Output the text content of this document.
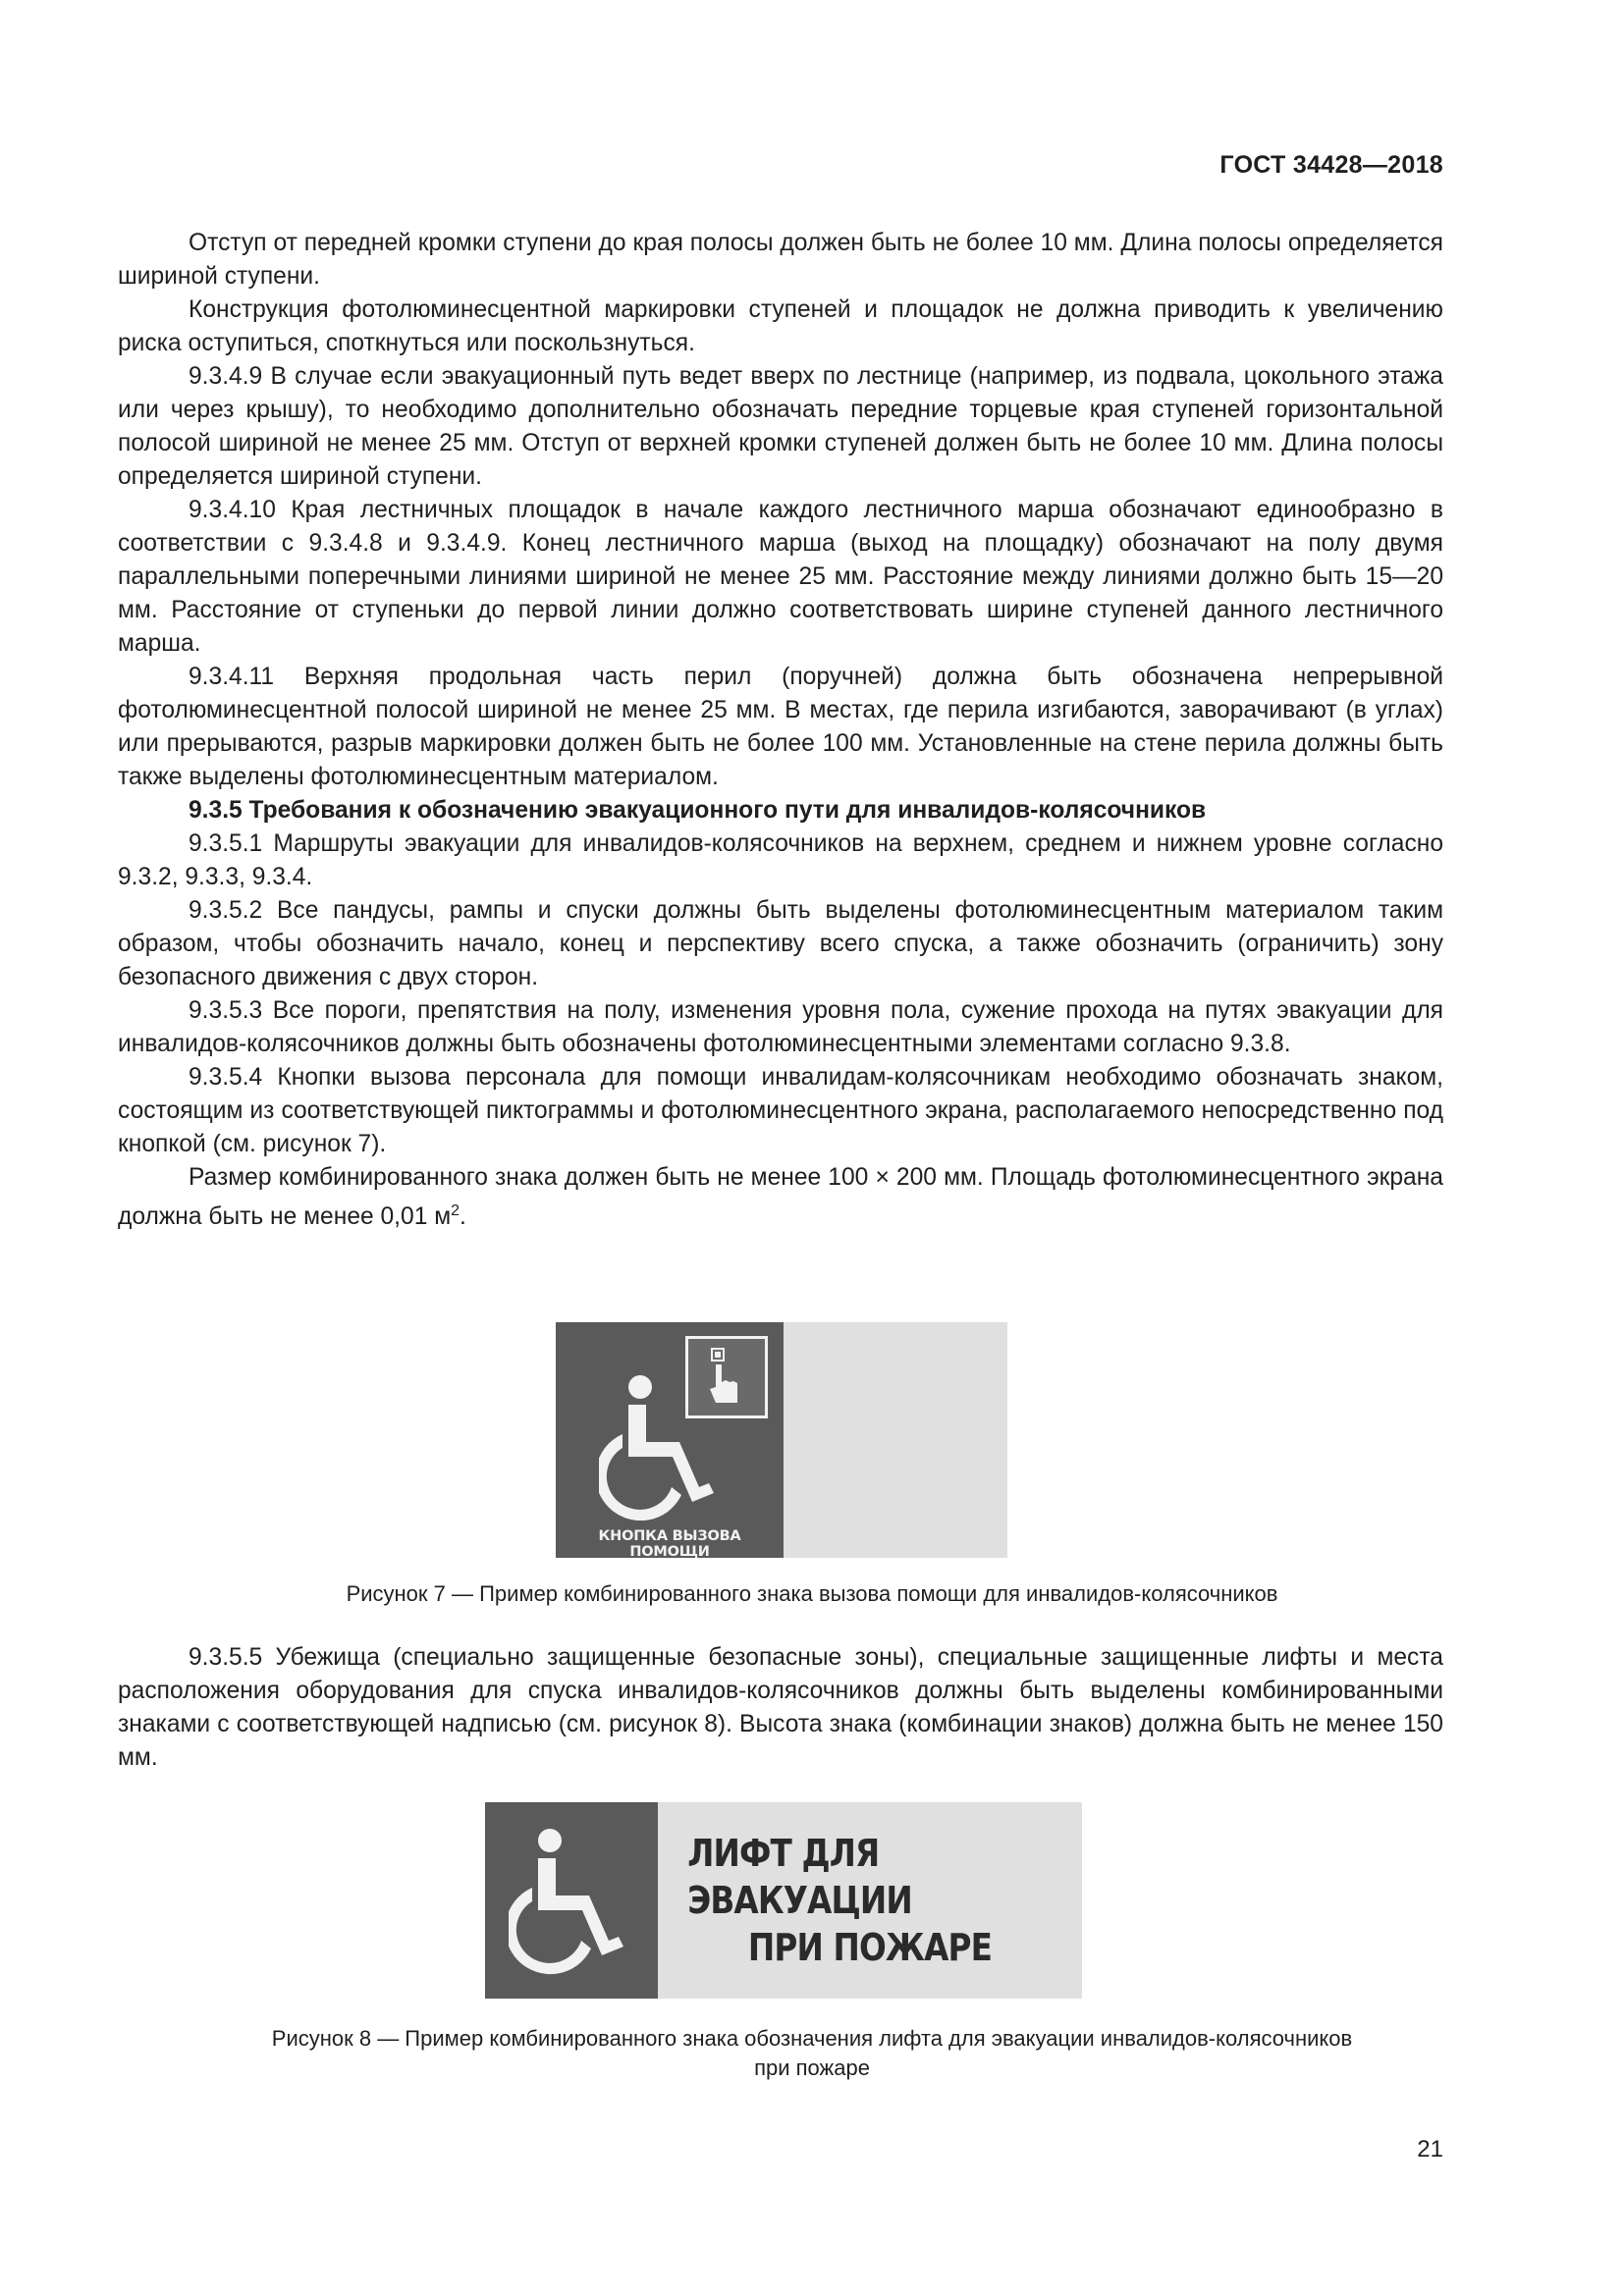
ГОСТ 34428—2018

Отступ от передней кромки ступени до края полосы должен быть не более 10 мм. Длина полосы определяется шириной ступени.

Конструкция фотолюминесцентной маркировки ступеней и площадок не должна приводить к увеличению риска оступиться, споткнуться или поскользнуться.

9.3.4.9 В случае если эвакуационный путь ведет вверх по лестнице (например, из подвала, цокольного этажа или через крышу), то необходимо дополнительно обозначать передние торцевые края ступеней горизонтальной полосой шириной не менее 25 мм. Отступ от верхней кромки ступеней должен быть не более 10 мм. Длина полосы определяется шириной ступени.

9.3.4.10 Края лестничных площадок в начале каждого лестничного марша обозначают единообразно в соответствии с 9.3.4.8 и 9.3.4.9. Конец лестничного марша (выход на площадку) обозначают на полу двумя параллельными поперечными линиями шириной не менее 25 мм. Расстояние между линиями должно быть 15—20 мм. Расстояние от ступеньки до первой линии должно соответствовать ширине ступеней данного лестничного марша.

9.3.4.11 Верхняя продольная часть перил (поручней) должна быть обозначена непрерывной фотолюминесцентной полосой шириной не менее 25 мм. В местах, где перила изгибаются, заворачивают (в углах) или прерываются, разрыв маркировки должен быть не более 100 мм. Установленные на стене перила должны быть также выделены фотолюминесцентным материалом.

9.3.5 Требования к обозначению эвакуационного пути для инвалидов-колясочников

9.3.5.1 Маршруты эвакуации для инвалидов-колясочников на верхнем, среднем и нижнем уровне согласно 9.3.2, 9.3.3, 9.3.4.

9.3.5.2 Все пандусы, рампы и спуски должны быть выделены фотолюминесцентным материалом таким образом, чтобы обозначить начало, конец и перспективу всего спуска, а также обозначить (ограничить) зону безопасного движения с двух сторон.

9.3.5.3 Все пороги, препятствия на полу, изменения уровня пола, сужение прохода на путях эвакуации для инвалидов-колясочников должны быть обозначены фотолюминесцентными элементами согласно 9.3.8.

9.3.5.4 Кнопки вызова персонала для помощи инвалидам-колясочникам необходимо обозначать знаком, состоящим из соответствующей пиктограммы и фотолюминесцентного экрана, располагаемого непосредственно под кнопкой (см. рисунок 7).

Размер комбинированного знака должен быть не менее 100 × 200 мм. Площадь фотолюминесцентного экрана должна быть не менее 0,01 $м^2$.

КНОПКА ВЫЗОВА ПОМОЩИ
Рисунок 7 — Пример комбинированного знака вызова помощи для инвалидов-колясочников

9.3.5.5 Убежища (специально защищенные безопасные зоны), специальные защищенные лифты и места расположения оборудования для спуска инвалидов-колясочников должны быть выделены комбинированными знаками с соответствующей надписью (см. рисунок 8). Высота знака (комбинации знаков) должна быть не менее 150 мм.

ЛИФТ ДЛЯ ЭВАКУАЦИИ
ПРИ ПОЖАРЕ
Рисунок 8 — Пример комбинированного знака обозначения лифта для эвакуации инвалидов-колясочников
при пожаре
21
